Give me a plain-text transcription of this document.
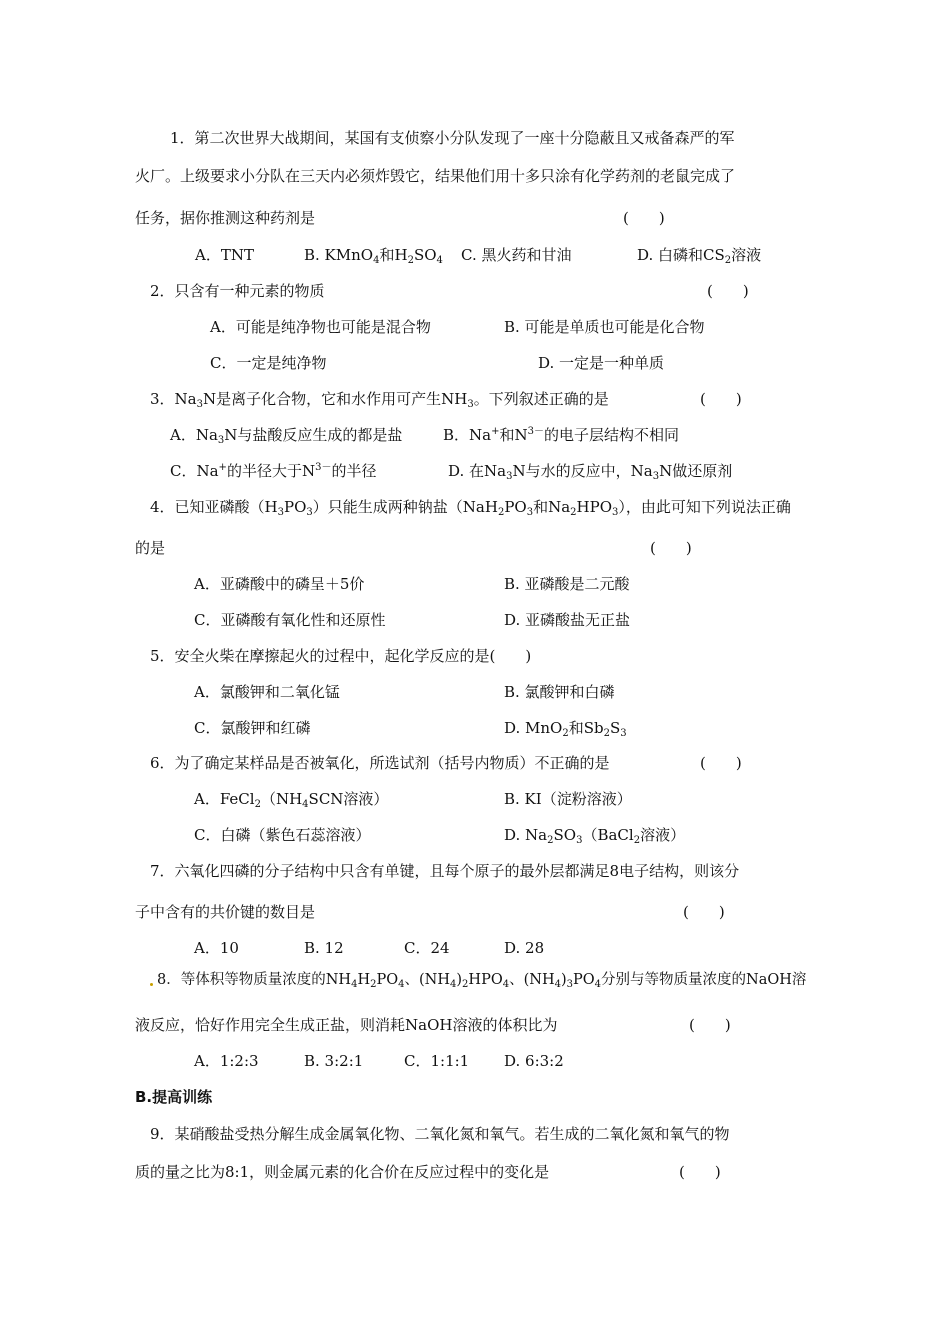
1．第二次世界大战期间，某国有支侦察小分队发现了一座十分隐蔽且又戒备森严的军
火厂。上级要求小分队在三天内必须炸毁它，结果他们用十多只涂有化学药剂的老鼠完成了
任务，据你推测这种药剂是	(　　)
A．TNT	B. KMnO$_4$和$H_2SO_4$ C. 黑火药和甘油	D. 白磷和$CS_2$溶液
2．只含有一种元素的物质	(　　)
A．可能是纯净物也可能是混合物	B. 可能是单质也可能是化合物
C．一定是纯净物	D. 一定是一种单质
3．$Na_3N$是离子化合物，它和水作用可产生$NH_3$。下列叙述正确的是	(　　)
A．$Na_3N$与盐酸反应生成的都是盐	B．Na+和$N^{3-}$的电子层结构不相同
C．Na+的半径大于$N^{3-}$的半径	D. 在$Na_3N$与水的反应中，$Na_3N$做还原剂
4．已知亚磷酸$(H_3PO_3)$只能生成两种钠盐（$NaH_2PO_3$和$Na_2HPO_3$），由此可知下列说法正确
的是	(　　)
A．亚磷酸中的磷呈＋5价	B. 亚磷酸是二元酸
C．亚磷酸有氧化性和还原性	D. 亚磷酸盐无正盐
5．安全火柴在摩擦起火的过程中，起化学反应的是(　　)
A．氯酸钾和二氧化锰	B. 氯酸钾和白磷
C．氯酸钾和红磷	D. MnO$_2$和$Sb_2S_3$
6．为了确定某样品是否被氧化，所选试剂（括号内物质）不正确的是	(　　)
A．$FeCl_2(NH_4SCN$溶液）	B. KI（淀粉溶液）
C．白磷（紫色石蕊溶液）	D. $Na_2SO_3(BaCl_2$溶液）
7．六氧化四磷的分子结构中只含有单键，且每个原子的最外层都满足8电子结构，则该分
子中含有的共价键的数目是	(　　)
A．10	B. 12	C．24	D. 28
8．等体积等物质量浓度的$NH_4H_2PO_4$、$(NH_4)_2HPO_4$、$(NH_4)_3PO_4$分别与等物质量浓度的NaOH溶
液反应，恰好作用完全生成正盐，则消耗NaOH溶液的体积比为	(　　)
A．1:2:3	B. 3:2:1	C．1:1:1 D. 6:3:2
B.提高训练
9．某硝酸盐受热分解生成金属氧化物、二氧化氮和氧气。若生成的二氧化氮和氧气的物
质的量之比为8:1，则金属元素的化合价在反应过程中的变化是	(　　)
